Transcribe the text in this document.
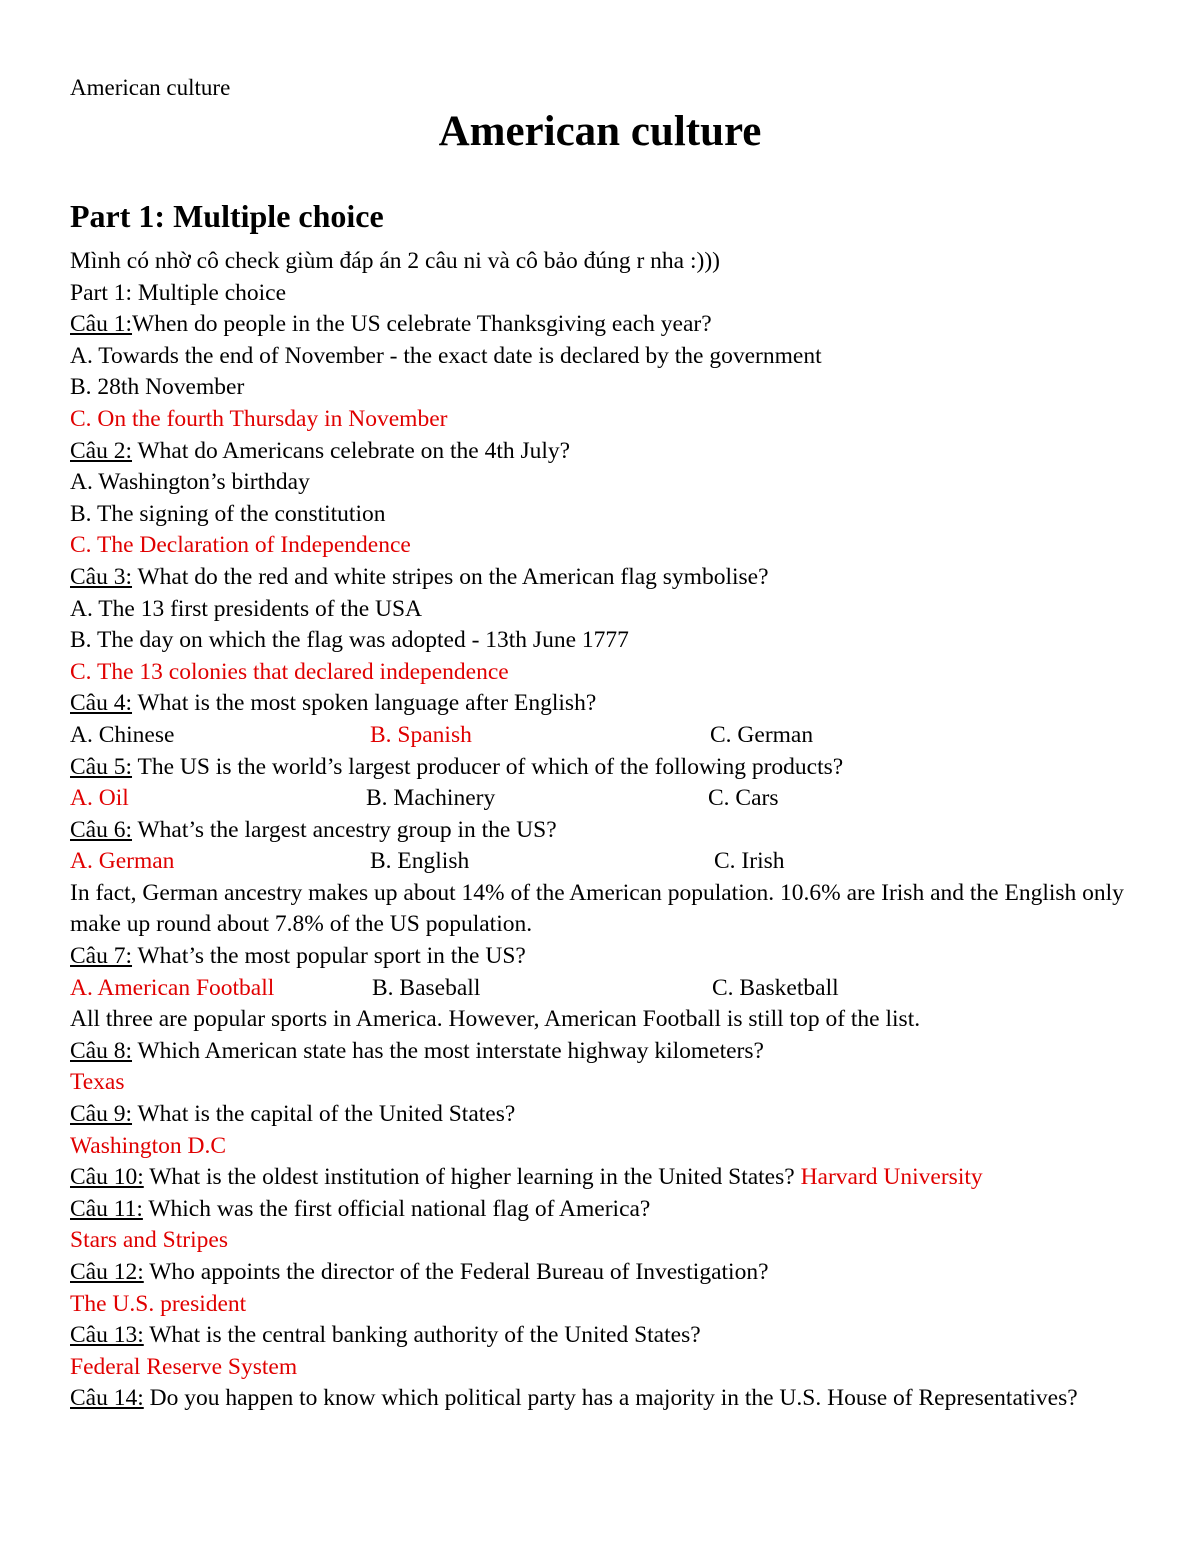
American culture
American culture
Part 1: Multiple choice
Mình có nhờ cô check giùm đáp án 2 câu ni và cô bảo đúng r nha :)))
Part 1: Multiple choice
Câu 1:When do people in the US celebrate Thanksgiving each year?
A. Towards the end of November - the exact date is declared by the government
B. 28th November
C. On the fourth Thursday in November
Câu 2: What do Americans celebrate on the 4th July?
A. Washington’s birthday
B. The signing of the constitution
C. The Declaration of Independence
Câu 3: What do the red and white stripes on the American flag symbolise?
A. The 13 first presidents of the USA
B. The day on which the flag was adopted - 13th June 1777
C. The 13 colonies that declared independence
Câu 4: What is the most spoken language after English?
A. Chinese	B. Spanish	C. German
Câu 5: The US is the world’s largest producer of which of the following products?
A. Oil	B. Machinery	C. Cars
Câu 6: What’s the largest ancestry group in the US?
A. German	B. English	C. Irish
In fact, German ancestry makes up about 14% of the American population. 10.6% are Irish and the English only make up round about 7.8% of the US population.
Câu 7: What’s the most popular sport in the US?
A. American Football	B. Baseball	C. Basketball
All three are popular sports in America. However, American Football is still top of the list.
Câu 8: Which American state has the most interstate highway kilometers?
Texas
Câu 9: What is the capital of the United States?
Washington D.C
Câu 10: What is the oldest institution of higher learning in the United States? Harvard University
Câu 11: Which was the first official national flag of America?
Stars and Stripes
Câu 12: Who appoints the director of the Federal Bureau of Investigation?
The U.S. president
Câu 13: What is the central banking authority of the United States?
Federal Reserve System
Câu 14: Do you happen to know which political party has a majority in the U.S. House of Representatives?
